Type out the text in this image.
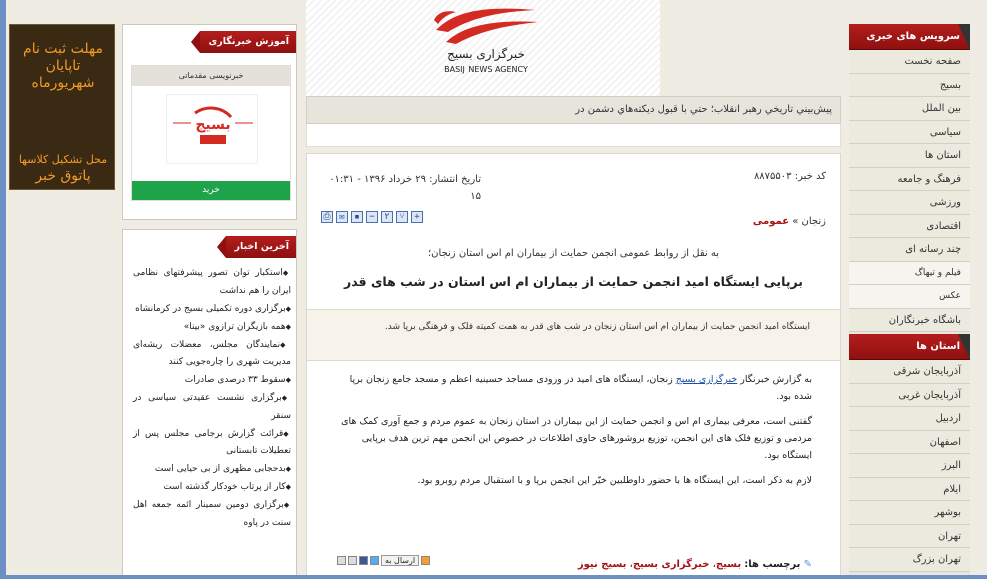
خبرگزاری بسیج
BASIJ NEWS AGENCY
پيش‌بيني تاريخي رهبر انقلاب؛ حتي با قبول ديكته‌هاي دشمن در
کد خبر: ۸۸۷۵۵۰۳
تاریخ انتشار: ۲۹ خرداد ۱۳۹۶ - ۰۱:۳۱
۱۵
⎙ ✉	▪	−	٢	˅	+	زنجان » عمومی
به نقل از روابط عمومی انجمن حمایت از بیماران ام اس استان زنجان؛
برپایی ایستگاه امید انجمن حمایت از بیماران ام اس استان در شب های قدر
ایستگاه امید انجمن حمایت از بیماران ام اس استان زنجان در شب های قدر به همت کمیته فلک و فرهنگی برپا شد.

به گزارش خبرنگار خبرگزاری بسیج زنجان، ایستگاه های امید در ورودی مساجد حسینیه اعظم و مسجد جامع زنجان برپا شده بود.

گفتنی است، معرفی بیماری ام اس و انجمن حمایت از این بیماران در استان زنجان به عموم مردم و جمع آوری کمک های مردمی و توزیع فلک های این انجمن، توزیع بروشورهای حاوی اطلاعات در خصوص این انجمن مهم ترین هدف برپایی ایستگاه بود.

لازم به ذکر است، این ایستگاه ها با حضور داوطلبین خیّر این انجمن برپا و با استقبال مردم روبرو بود.

ارسال به	✎ برچسب ها: بسیج، خبرگزاری بسیج، بسیج نیوز
سرویس های خبری
صفحه نخست
بسیج
بین الملل
سیاسی
استان ها
فرهنگ و جامعه
ورزشی
اقتصادی
چند رسانه ای
فیلم و تیهاگ
عکس
باشگاه خبرنگاران
استان ها
آذربایجان شرقی
آذربایجان غربی
اردبیل
اصفهان
البرز
ایلام
بوشهر
تهران
تهران بزرگ
مهلت ثبت نام
تاپایان شهریورماه
محل تشکیل کلاسها
پاتوق خبر
آموزش خبرنگاری
خبرنویسی مقدماتی
بسیج
خرید
آخرین اخبار
◆ استکبار توان تصور پیشرفتهای نظامی ایران را هم نداشت
◆ برگزاری دوره تکمیلی بسیج در کرمانشاه
◆ همه بازیگران ترازوی «بینا»
◆ نمایندگان مجلس، معضلات ریشه‌ای مدیریت شهری را چاره‌جویی کنند
◆ سقوط ۳۳ درصدی صادرات
◆ برگزاری نشست عقیدتی سیاسی در سنقر
◆ قرائت گزارش برجامی مجلس پس از تعطیلات تابستانی
◆ بدحجابی مظهری از بی حیایی است
◆ کار از پرتاب خودکار گذشته است
◆ برگزاری دومین سمینار ائمه جمعه اهل سنت در پاوه
